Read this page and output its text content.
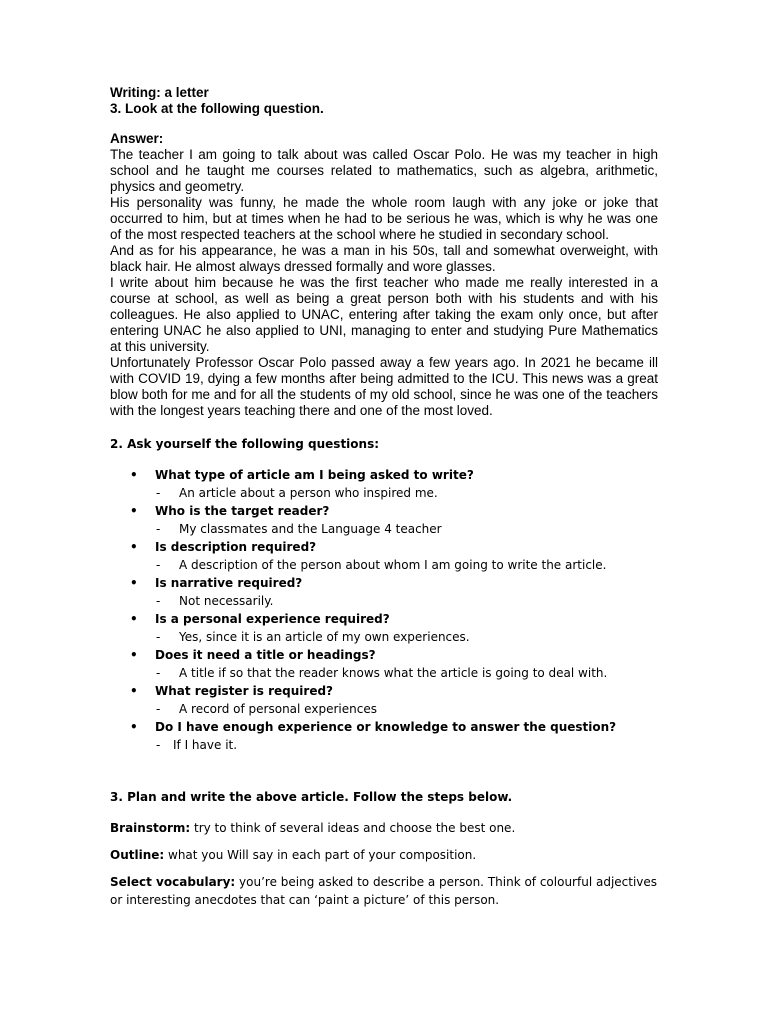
Writing: a letter

3. Look at the following question.

Answer:

The teacher I am going to talk about was called Oscar Polo. He was my teacher in high school and he taught me courses related to mathematics, such as algebra, arithmetic, physics and geometry.

His personality was funny, he made the whole room laugh with any joke or joke that occurred to him, but at times when he had to be serious he was, which is why he was one of the most respected teachers at the school where he studied in secondary school.

And as for his appearance, he was a man in his 50s, tall and somewhat overweight, with black hair. He almost always dressed formally and wore glasses.

I write about him because he was the first teacher who made me really interested in a course at school, as well as being a great person both with his students and with his colleagues. He also applied to UNAC, entering after taking the exam only once, but after entering UNAC he also applied to UNI, managing to enter and studying Pure Mathematics at this university.

Unfortunately Professor Oscar Polo passed away a few years ago. In 2021 he became ill with COVID 19, dying a few months after being admitted to the ICU. This news was a great blow both for me and for all the students of my old school, since he was one of the teachers with the longest years teaching there and one of the most loved.

2. Ask yourself the following questions:

• What type of article am I being asked to write?
- An article about a person who inspired me.
• Who is the target reader?
- My classmates and the Language 4 teacher
• Is description required?
- A description of the person about whom I am going to write the article.
• Is narrative required?
- Not necessarily.
• Is a personal experience required?
- Yes, since it is an article of my own experiences.
• Does it need a title or headings?
- A title if so that the reader knows what the article is going to deal with.
• What register is required?
- A record of personal experiences
• Do I have enough experience or knowledge to answer the question?
- If I have it.

3. Plan and write the above article. Follow the steps below.

Brainstorm: try to think of several ideas and choose the best one.

Outline: what you Will say in each part of your composition.

Select vocabulary: you’re being asked to describe a person. Think of colourful adjectives or interesting anecdotes that can ‘paint a picture’ of this person.
